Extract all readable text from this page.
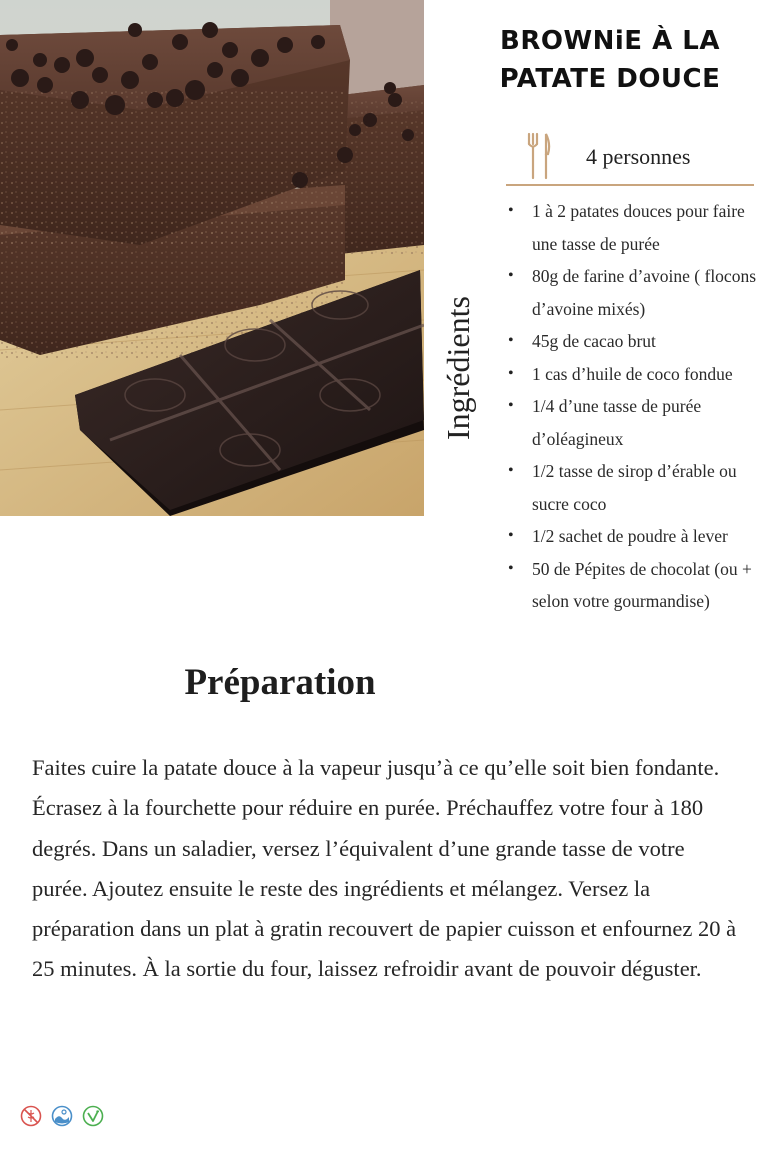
BROWNiE À LA
PATATE DOUCE
4 personnes
Ingrédients
• 1 à 2 patates douces pour faire une tasse de purée
• 80g de farine d’avoine ( flocons d’avoine mixés)
• 45g de cacao brut
• 1 cas d’huile de coco fondue
• 1/4 d’une tasse de purée d’oléagineux
• 1/2 tasse de sirop d’érable ou sucre coco
• 1/2 sachet de poudre à lever
• 50 de Pépites de chocolat (ou + selon votre gourmandise)
Préparation

Faites cuire la patate douce à la vapeur jusqu’à ce qu’elle soit bien fondante. Écrasez à la fourchette pour réduire en purée. Préchauffez votre four à 180 degrés. Dans un saladier, versez l’équivalent d’une grande tasse de votre purée. Ajoutez ensuite le reste des ingrédients et mélangez. Versez la préparation dans un plat à gratin recouvert de papier cuisson et enfournez 20 à 25 minutes. À la sortie du four, laissez refroidir avant de pouvoir déguster.
